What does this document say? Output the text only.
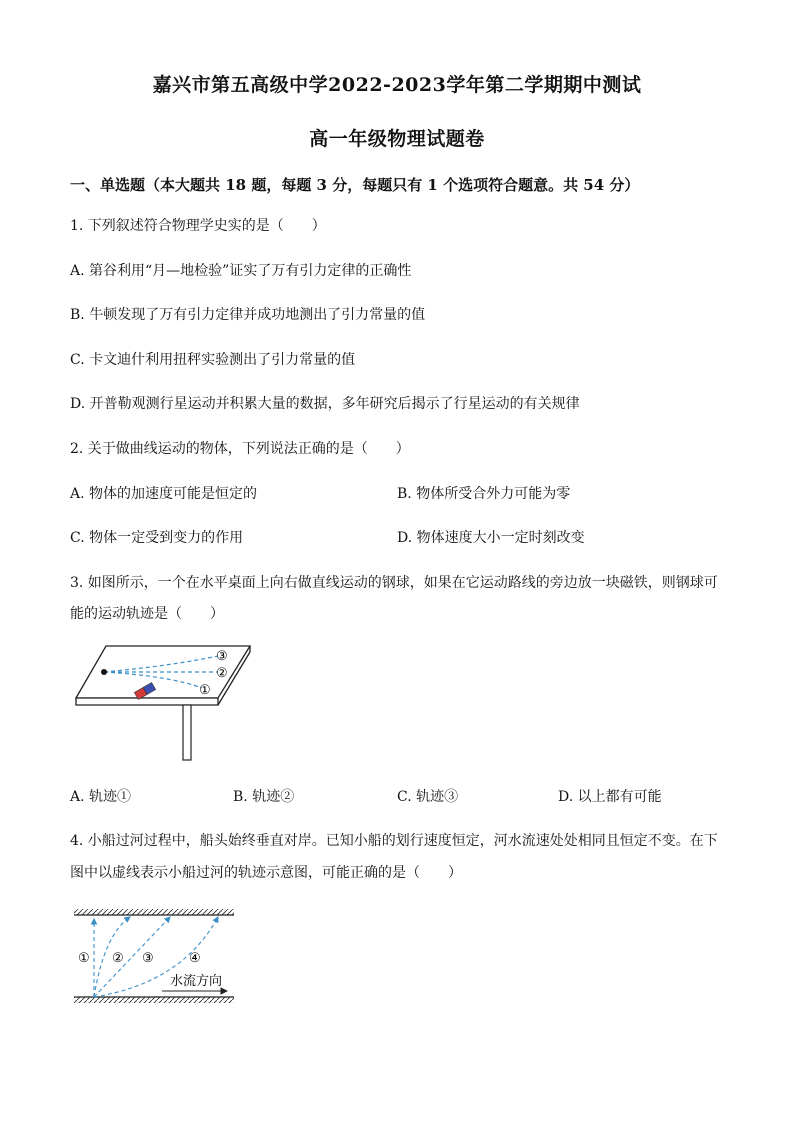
嘉兴市第五高级中学2022-2023学年第二学期期中测试
高一年级物理试题卷
一、单选题（本大题共 18 题，每题 3 分，每题只有 1 个选项符合题意。共 54 分）
1. 下列叙述符合物理学史实的是（　　）
A. 第谷利用“月—地检验”证实了万有引力定律的正确性
B. 牛顿发现了万有引力定律并成功地测出了引力常量的值
C. 卡文迪什利用扭秤实验测出了引力常量的值
D. 开普勒观测行星运动并积累大量的数据，多年研究后揭示了行星运动的有关规律
2. 关于做曲线运动的物体，下列说法正确的是（　　）
A. 物体的加速度可能是恒定的	B. 物体所受合外力可能为零
C. 物体一定受到变力的作用	D. 物体速度大小一定时刻改变
3. 如图所示，一个在水平桌面上向右做直线运动的钢球，如果在它运动路线的旁边放一块磁铁，则钢球可
能的运动轨迹是（　　）
③
②
①
A. 轨迹①	B. 轨迹②	C. 轨迹③	D. 以上都有可能
4. 小船过河过程中，船头始终垂直对岸。已知小船的划行速度恒定，河水流速处处相同且恒定不变。在下
图中以虚线表示小船过河的轨迹示意图，可能正确的是（　　）
① ② ③	④
水流方向
